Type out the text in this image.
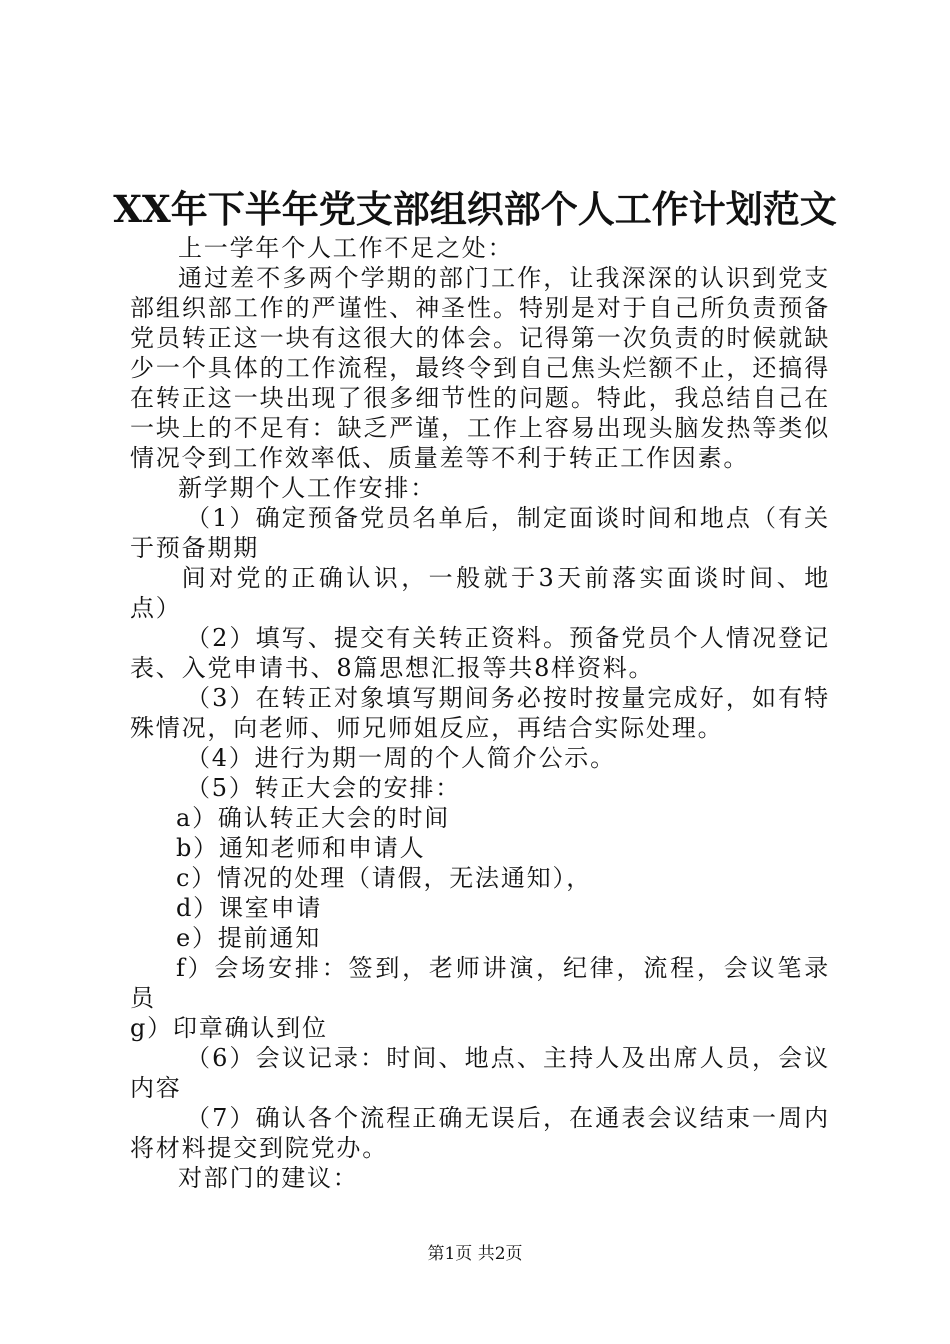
XX年下半年党支部组织部个人工作计划范文

上一学年个人工作不足之处：

通过差不多两个学期的部门工作，让我深深的认识到党支部组织部工作的严谨性、神圣性。特别是对于自己所负责预备党员转正这一块有这很大的体会。记得第一次负责的时候就缺少一个具体的工作流程，最终令到自己焦头烂额不止，还搞得在转正这一块出现了很多细节性的问题。特此，我总结自己在一块上的不足有：缺乏严谨，工作上容易出现头脑发热等类似情况令到工作效率低、质量差等不利于转正工作因素。

新学期个人工作安排：

（1）确定预备党员名单后，制定面谈时间和地点（有关于预备期期

间对党的正确认识，一般就于3天前落实面谈时间、地点）

（2）填写、提交有关转正资料。预备党员个人情况登记表、入党申请书、8篇思想汇报等共8样资料。

（3）在转正对象填写期间务必按时按量完成好，如有特殊情况，向老师、师兄师姐反应，再结合实际处理。

（4）进行为期一周的个人简介公示。

（5）转正大会的安排：

a）确认转正大会的时间

b）通知老师和申请人

c）情况的处理（请假，无法通知），

d）课室申请

e）提前通知

f）会场安排：签到，老师讲演，纪律，流程，会议笔录员

g）印章确认到位

（6）会议记录：时间、地点、主持人及出席人员，会议内容

（7）确认各个流程正确无误后，在通表会议结束一周内将材料提交到院党办。

对部门的建议：

第1页 共2页
